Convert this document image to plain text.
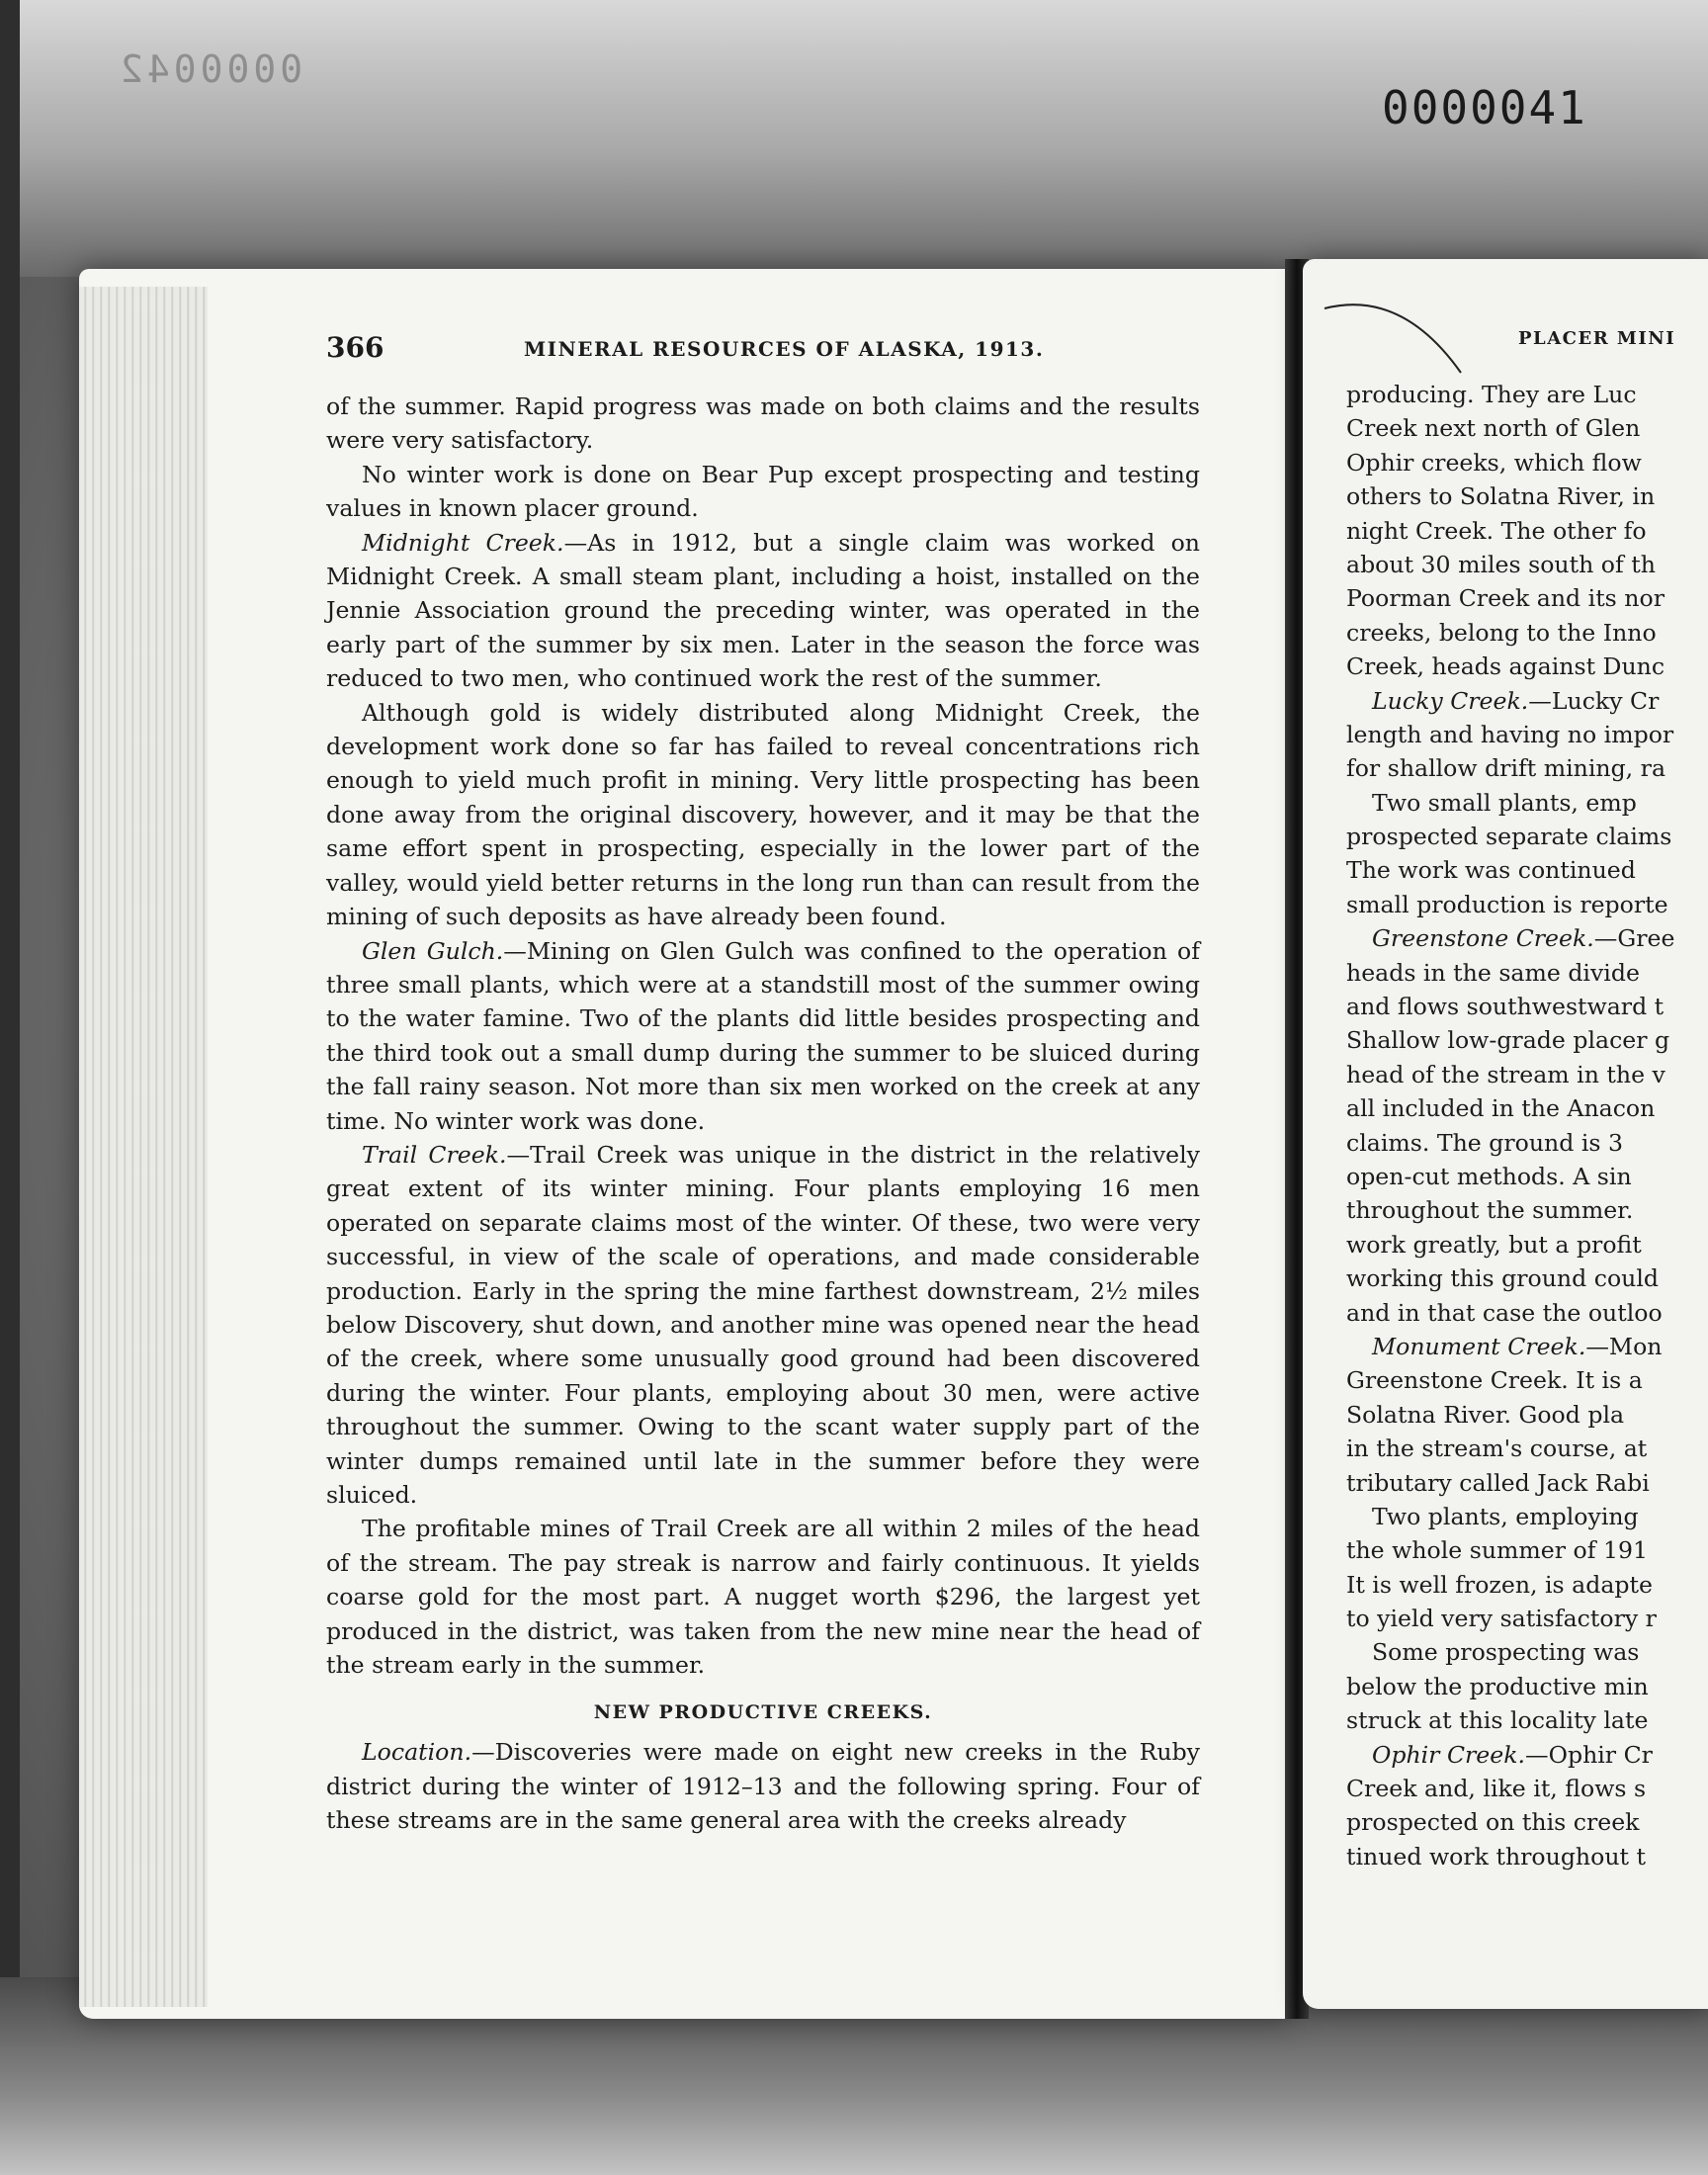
0000042
0000041
366	MINERAL RESOURCES OF ALASKA, 1913.

of the summer. Rapid progress was made on both claims and the results were very satisfactory.

No winter work is done on Bear Pup except prospecting and testing values in known placer ground.

Midnight Creek.—As in 1912, but a single claim was worked on Midnight Creek. A small steam plant, including a hoist, installed on the Jennie Association ground the preceding winter, was operated in the early part of the summer by six men. Later in the season the force was reduced to two men, who continued work the rest of the summer.

Although gold is widely distributed along Midnight Creek, the development work done so far has failed to reveal concentrations rich enough to yield much profit in mining. Very little prospecting has been done away from the original discovery, however, and it may be that the same effort spent in prospecting, especially in the lower part of the valley, would yield better returns in the long run than can result from the mining of such deposits as have already been found.

Glen Gulch.—Mining on Glen Gulch was confined to the operation of three small plants, which were at a standstill most of the summer owing to the water famine. Two of the plants did little besides prospecting and the third took out a small dump during the summer to be sluiced during the fall rainy season. Not more than six men worked on the creek at any time. No winter work was done.

Trail Creek.—Trail Creek was unique in the district in the relatively great extent of its winter mining. Four plants employing 16 men operated on separate claims most of the winter. Of these, two were very successful, in view of the scale of operations, and made considerable production. Early in the spring the mine farthest downstream, 2½ miles below Discovery, shut down, and another mine was opened near the head of the creek, where some unusually good ground had been discovered during the winter. Four plants, employing about 30 men, were active throughout the summer. Owing to the scant water supply part of the winter dumps remained until late in the summer before they were sluiced.

The profitable mines of Trail Creek are all within 2 miles of the head of the stream. The pay streak is narrow and fairly continuous. It yields coarse gold for the most part. A nugget worth $296, the largest yet produced in the district, was taken from the new mine near the head of the stream early in the summer.

NEW PRODUCTIVE CREEKS.

Location.—Discoveries were made on eight new creeks in the Ruby district during the winter of 1912–13 and the following spring. Four of these streams are in the same general area with the creeks already

PLACER MINI
producing. They are Luc
Creek next north of Glen
Ophir creeks, which flow
others to Solatna River, in
night Creek. The other fo
about 30 miles south of th
Poorman Creek and its nor
creeks, belong to the Inno
Creek, heads against Dunc
Lucky Creek.—Lucky Cr
length and having no impor
for shallow drift mining, ra
Two small plants, emp
prospected separate claims
The work was continued
small production is reporte
Greenstone Creek.—Gree
heads in the same divide
and flows southwestward t
Shallow low-grade placer g
head of the stream in the v
all included in the Anacon
claims. The ground is 3
open-cut methods. A sin
throughout the summer.
work greatly, but a profit
working this ground could
and in that case the outloo
Monument Creek.—Mon
Greenstone Creek. It is a
Solatna River. Good pla
in the stream's course, at
tributary called Jack Rabi
Two plants, employing
the whole summer of 191
It is well frozen, is adapte
to yield very satisfactory r
Some prospecting was
below the productive min
struck at this locality late
Ophir Creek.—Ophir Cr
Creek and, like it, flows s
prospected on this creek
tinued work throughout t
